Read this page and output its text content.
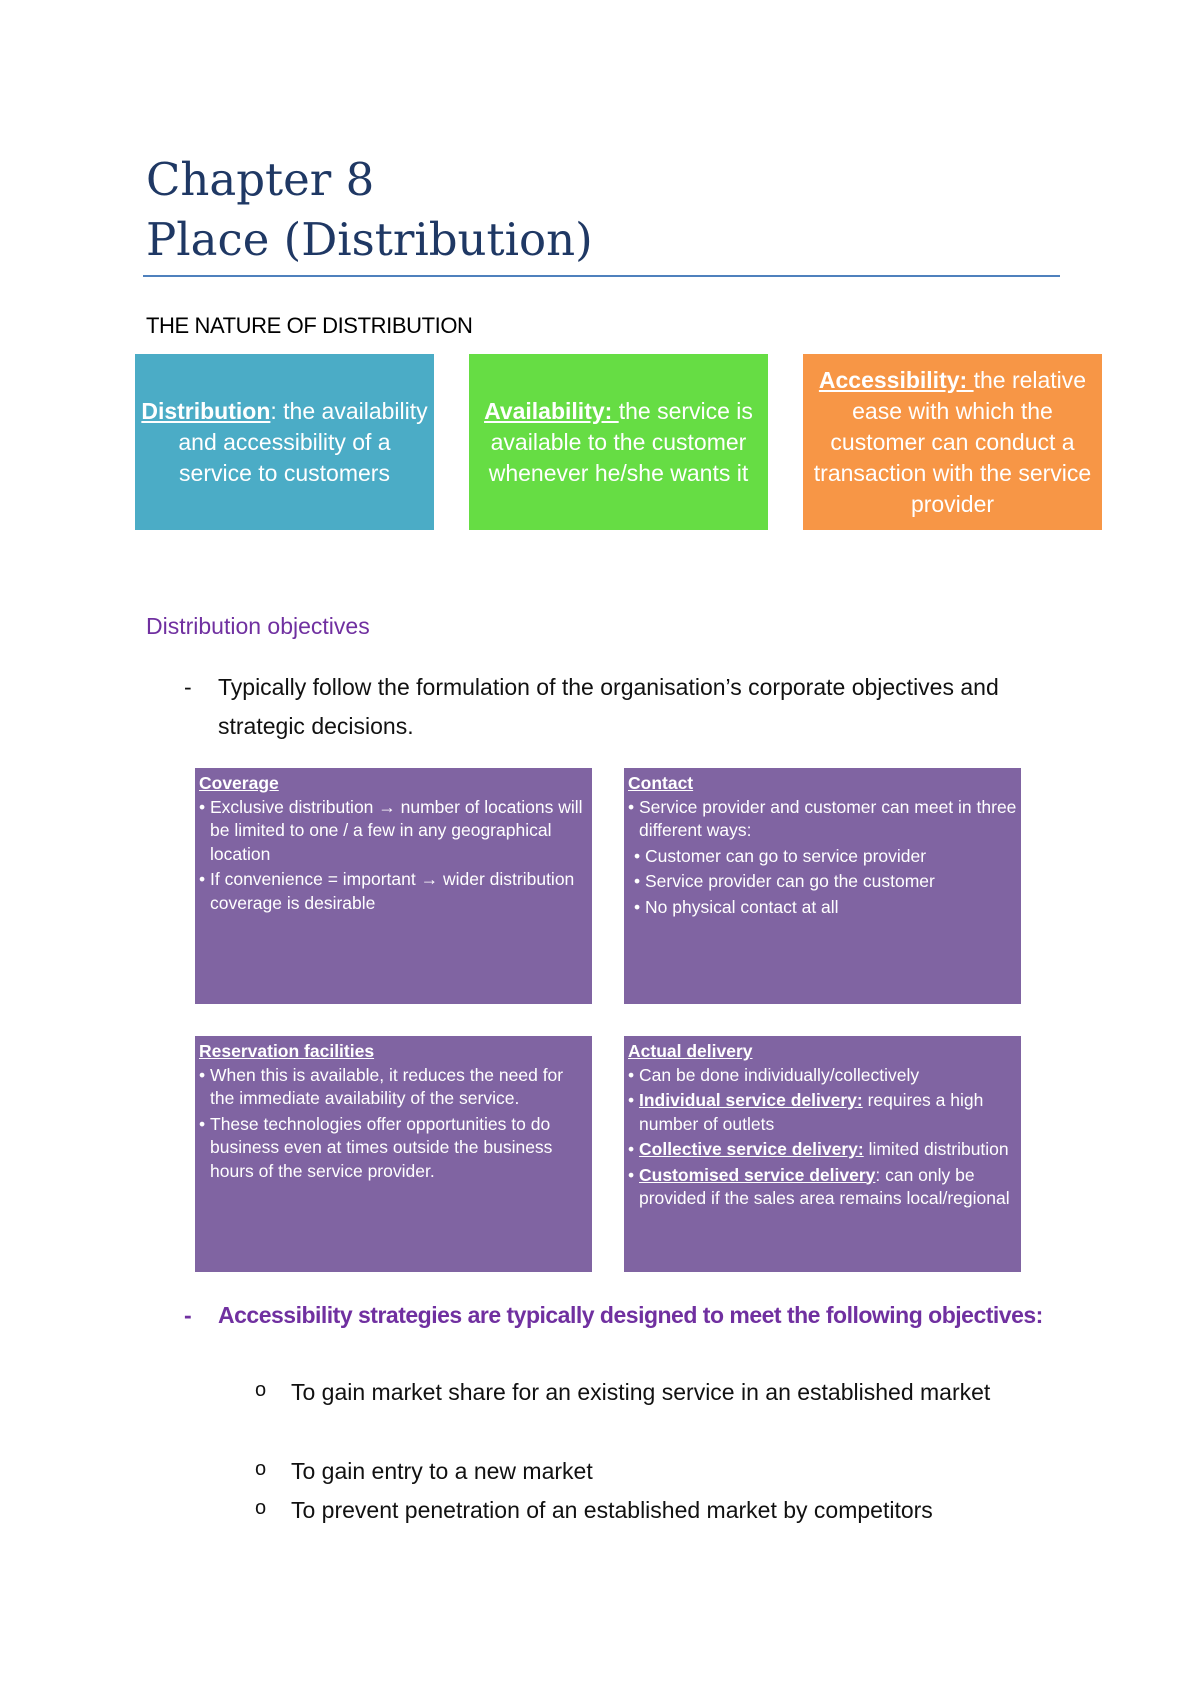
Chapter 8
Place (Distribution)
THE NATURE OF DISTRIBUTION
Distribution: the availability and accessibility of a service to customers
Availability: the service is available to the customer whenever he/she wants it
Accessibility: the relative ease with which the customer can conduct a transaction with the service provider
Distribution objectives
- Typically follow the formulation of the organisation’s corporate objectives and strategic decisions.
Coverage
• Exclusive distribution → number of locations will be limited to one / a few in any geographical location
• If convenience = important → wider distribution coverage is desirable
Contact
• Service provider and customer can meet in three different ways:
• Customer can go to service provider
• Service provider can go the customer
• No physical contact at all
Reservation facilities
• When this is available, it reduces the need for the immediate availability of the service.
• These technologies offer opportunities to do business even at times outside the business hours of the service provider.
Actual delivery
• Can be done individually/collectively
• Individual service delivery: requires a high number of outlets
• Collective service delivery: limited distribution
• Customised service delivery: can only be provided if the sales area remains local/regional
- Accessibility strategies are typically designed to meet the following objectives:
o To gain market share for an existing service in an established market
o To gain entry to a new market
o To prevent penetration of an established market by competitors
